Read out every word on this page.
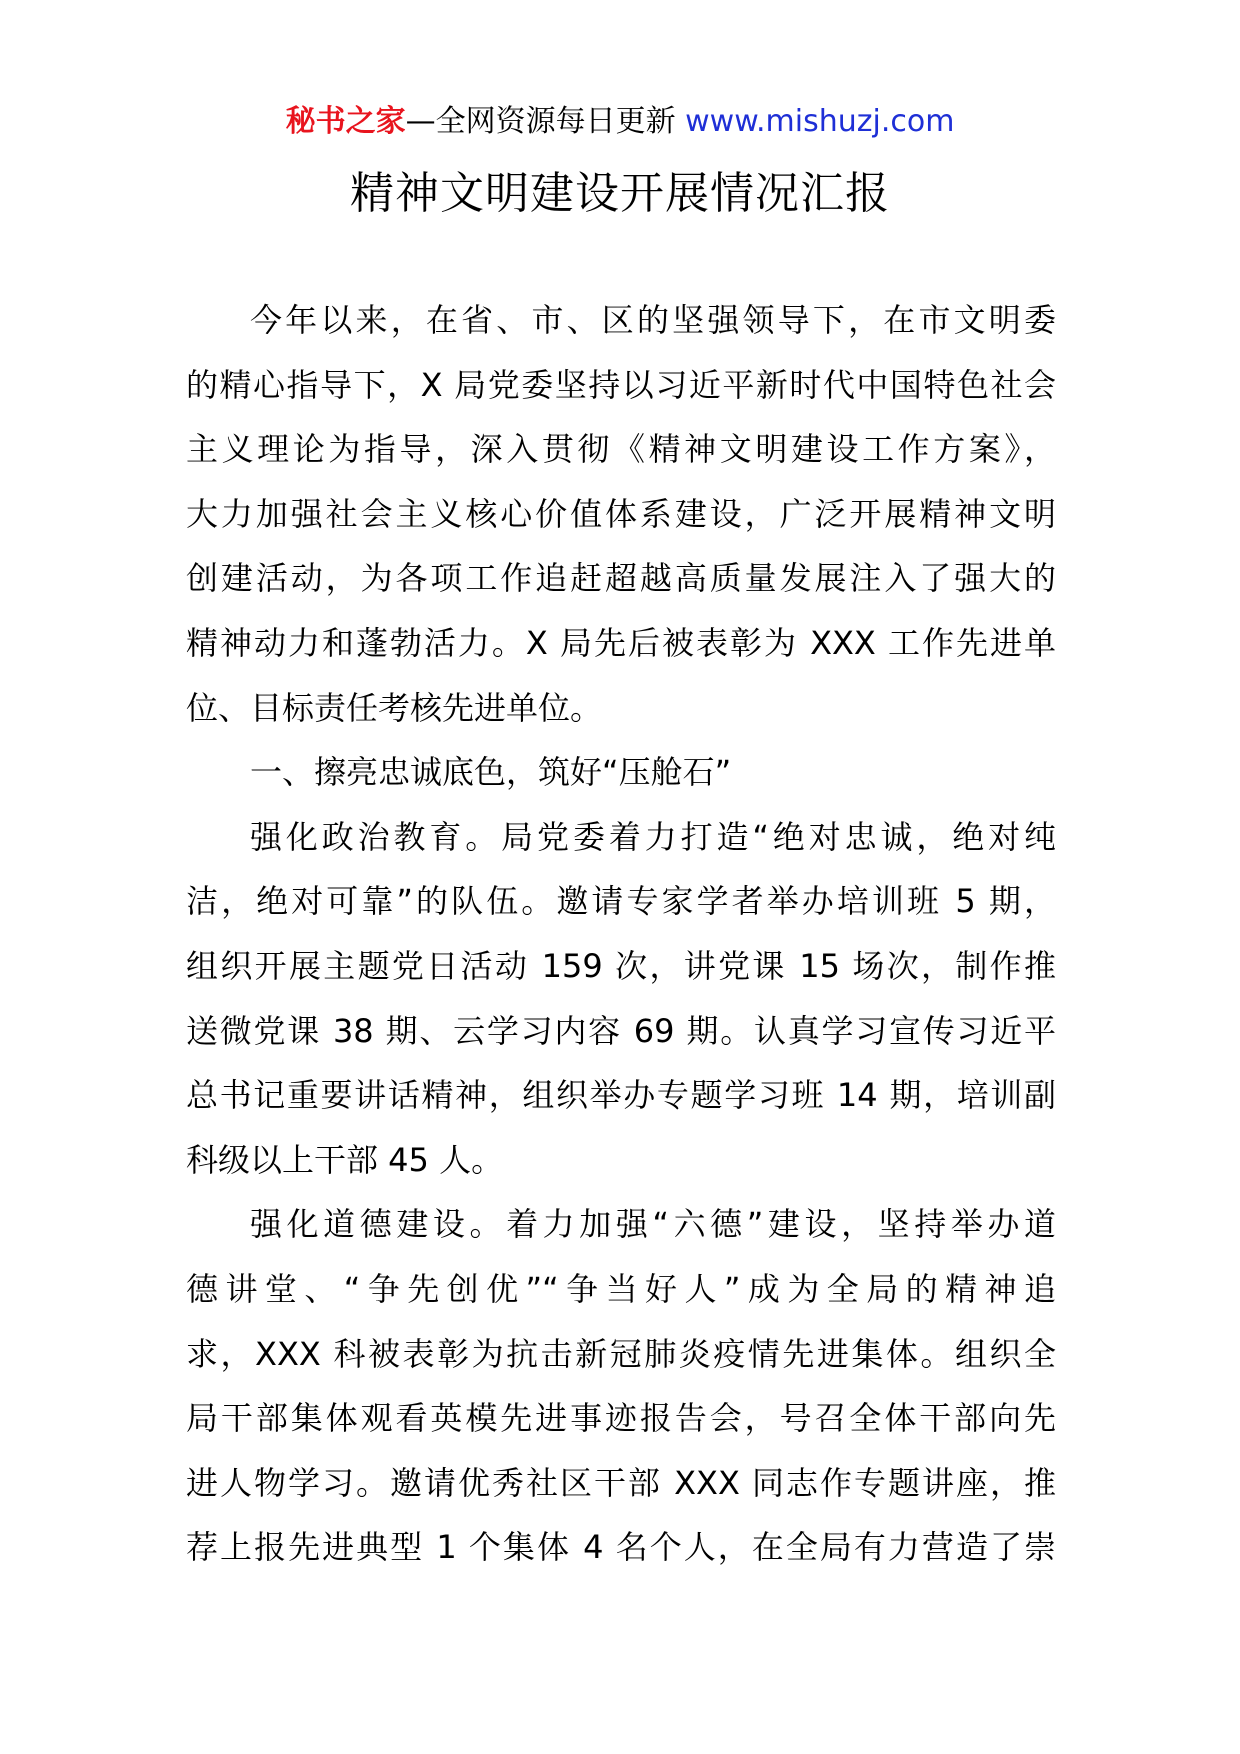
秘书之家—全网资源每日更新 www.mishuzj.com
精神文明建设开展情况汇报
今年以来，在省、市、区的坚强领导下，在市文明委
的精心指导下，X 局党委坚持以习近平新时代中国特色社会
主义理论为指导，深入贯彻《精神文明建设工作方案》，
大力加强社会主义核心价值体系建设，广泛开展精神文明
创建活动，为各项工作追赶超越高质量发展注入了强大的
精神动力和蓬勃活力。X 局先后被表彰为 XXX 工作先进单
位、目标责任考核先进单位。
一、擦亮忠诚底色，筑好“压舱石”
强化政治教育。局党委着力打造“绝对忠诚，绝对纯
洁，绝对可靠”的队伍。邀请专家学者举办培训班 5 期，
组织开展主题党日活动 159 次，讲党课 15 场次，制作推
送微党课 38 期、云学习内容 69 期。认真学习宣传习近平
总书记重要讲话精神，组织举办专题学习班 14 期，培训副
科级以上干部 45 人。
强化道德建设。着力加强“六德”建设，坚持举办道
德讲堂、“争先创优”“争当好人”成为全局的精神追
求，XXX 科被表彰为抗击新冠肺炎疫情先进集体。组织全
局干部集体观看英模先进事迹报告会，号召全体干部向先
进人物学习。邀请优秀社区干部 XXX 同志作专题讲座，推
荐上报先进典型 1 个集体 4 名个人，在全局有力营造了崇
